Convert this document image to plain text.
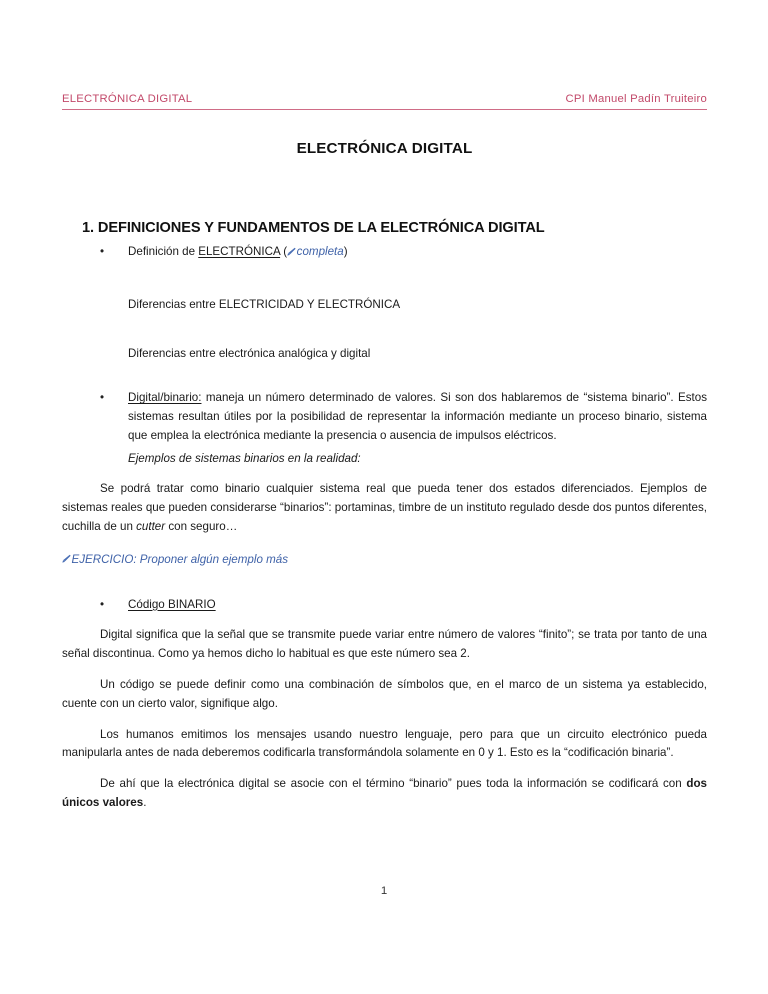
ELECTRÓNICA DIGITAL	CPI Manuel Padín Truiteiro
ELECTRÓNICA DIGITAL
1. DEFINICIONES Y FUNDAMENTOS DE LA ELECTRÓNICA DIGITAL
•	Definición de ELECTRÓNICA ( completa)
Diferencias entre ELECTRICIDAD Y ELECTRÓNICA
Diferencias entre electrónica analógica y digital
•	Digital/binario: maneja un número determinado de valores. Si son dos hablaremos de “sistema binario”. Estos sistemas resultan útiles por la posibilidad de representar la información mediante un proceso binario, sistema que emplea la electrónica mediante la presencia o ausencia de impulsos eléctricos.
Ejemplos de sistemas binarios en la realidad:

Se podrá tratar como binario cualquier sistema real que pueda tener dos estados diferenciados. Ejemplos de sistemas reales que pueden considerarse “binarios”: portaminas, timbre de un instituto regulado desde dos puntos diferentes, cuchilla de un cutter con seguro…

EJERCICIO: Proponer algún ejemplo más
•	Código BINARIO

Digital significa que la señal que se transmite puede variar entre número de valores “finito”; se trata por tanto de una señal discontinua. Como ya hemos dicho lo habitual es que este número sea 2.

Un código se puede definir como una combinación de símbolos que, en el marco de un sistema ya establecido, cuente con un cierto valor, signifique algo.

Los humanos emitimos los mensajes usando nuestro lenguaje, pero para que un circuito electrónico pueda manipularla antes de nada deberemos codificarla transformándola solamente en 0 y 1. Esto es la “codificación binaria”.

De ahí que la electrónica digital se asocie con el término “binario” pues toda la información se codificará con dos únicos valores.

1
